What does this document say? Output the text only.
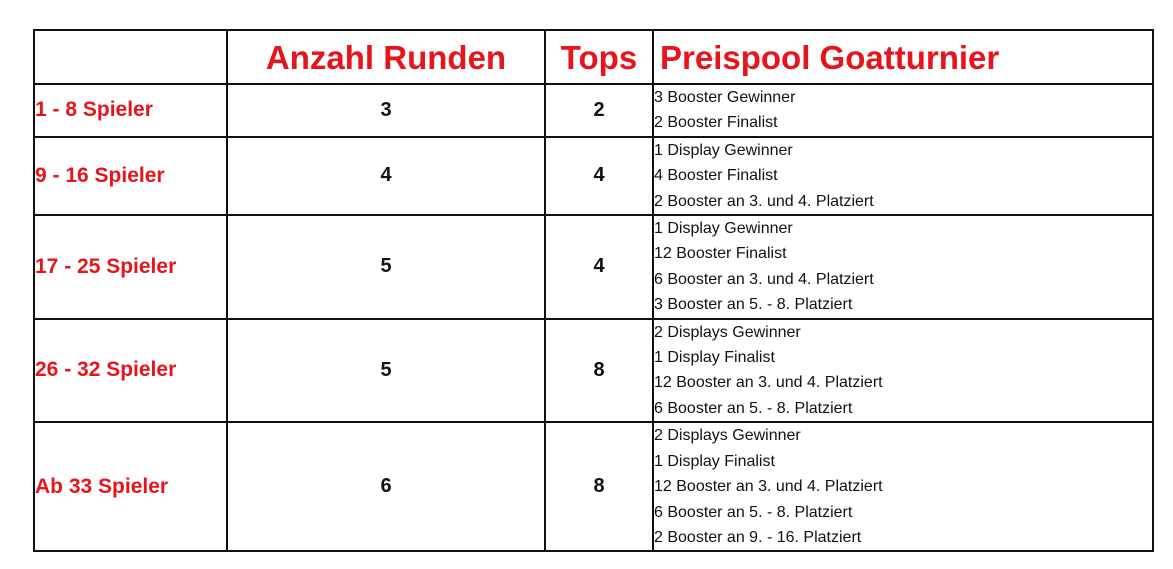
	Anzahl Runden	Tops	Preispool Goatturnier
1 - 8 Spieler	3	2	3 Booster Gewinner
2 Booster Finalist

9 - 16 Spieler	4	4	1 Display Gewinner
4 Booster Finalist
2 Booster an 3. und 4. Platziert

17 - 25 Spieler	5	4	1 Display Gewinner
12 Booster Finalist
6 Booster an 3. und 4. Platziert
3 Booster an 5. - 8. Platziert

26 - 32 Spieler	5	8	2 Displays Gewinner
1 Display Finalist
12 Booster an 3. und 4. Platziert
6 Booster an 5. - 8. Platziert

Ab 33 Spieler	6	8	2 Displays Gewinner
1 Display Finalist
12 Booster an 3. und 4. Platziert
6 Booster an 5. - 8. Platziert
2 Booster an 9. - 16. Platziert
